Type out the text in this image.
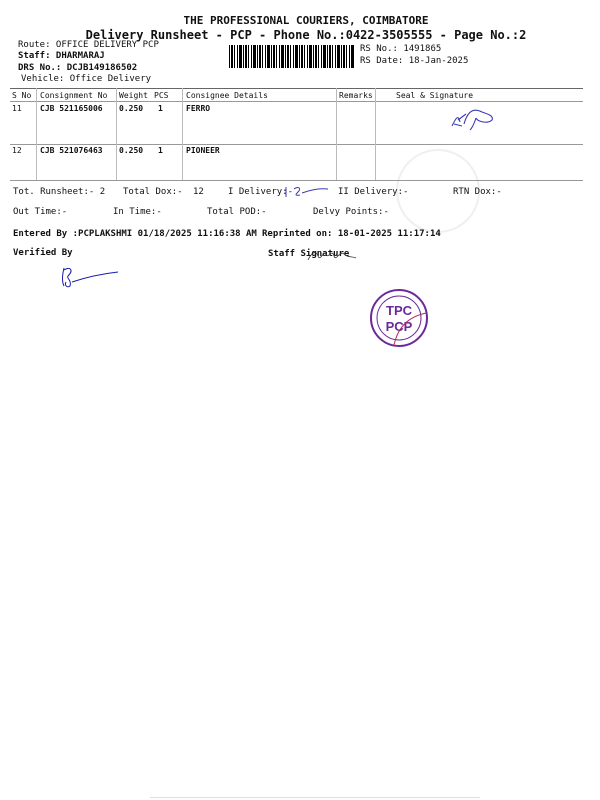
THE PROFESSIONAL COURIERS, COIMBATORE
Delivery Runsheet - PCP - Phone No.:0422-3505555 - Page No.:2
Route: OFFICE DELIVERY PCP
Staff: DHARMARAJ
DRS No.: DCJB149186502
Vehicle: Office Delivery
RS No.: 1491865
RS Date: 18-Jan-2025
S No Consignment No Weight PCS Consignee Details	Remarks	Seal & Signature
11 CJB 521165006 0.250 1	FERRO
12 CJB 521076463 0.250 1	PIONEER
Tot. Runsheet:- 2 Total Dox:- 12	I Delivery:-	II Delivery:-	RTN Dox:-
Out Time:-	In Time:-	Total POD:-	Delvy Points:-
Entered By :PCPLAKSHMI 01/18/2025 11:16:38 AM Reprinted on: 18-01-2025 11:17:14
Verified By	Staff Signature
TPC
PCP
